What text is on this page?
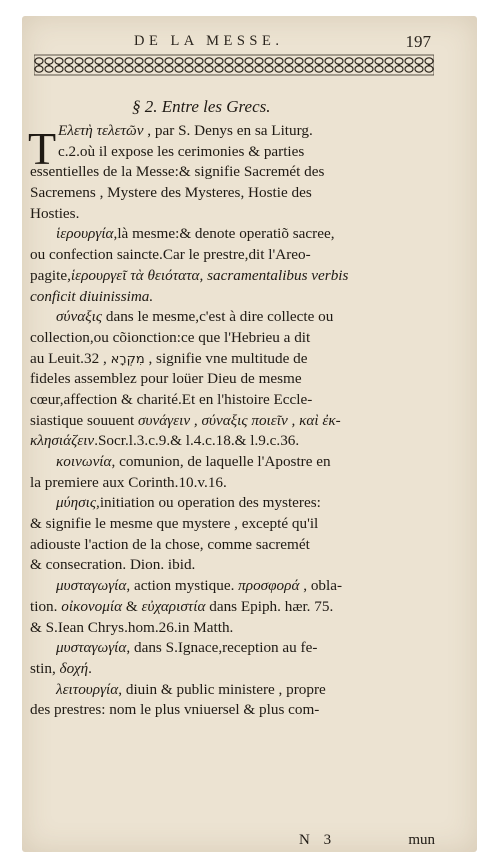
DE LA MESSE.	197
§ 2. Entre les Grecs.
T Ελετὴ τελετῶν , par S. Denys en sa Liturg.
c.2.où il expose les cerimonies & parties
essentielles de la Messe:& signifie Sacremét des
Sacremens , Mystere des Mysteres, Hostie des
Hosties.
ἱερουργία,là mesme:& denote operatiõ sacree,
ou confection saincte.Car le prestre,dit l'Areo-
pagite,ἱερουργεῖ τὰ θειότατα, sacramentalibus verbis
conficit diuinissima.
σύναξις dans le mesme,c'est à dire collecte ou
collection,ou cõionction:ce que l'Hebrieu a dit
au Leuit.32 , מִקְרָא , signifie vne multitude de
fideles assemblez pour loüer Dieu de mesme
cœur,affection & charité.Et en l'histoire Eccle-
siastique souuent συνάγειν , σύναξις ποιεῖν , καὶ ἐκ-
κλησιάζειν.Socr.l.3.c.9.& l.4.c.18.& l.9.c.36.
κοινωνία, comunion, de laquelle l'Apostre en
la premiere aux Corinth.10.v.16.
μύησις,initiation ou operation des mysteres:
& signifie le mesme que mystere , excepté qu'il
adiouste l'action de la chose, comme sacremét
& consecration. Dion. ibid.
μυσταγωγία, action mystique. προσφορά , obla-
tion. οἰκονομία & εὐχαριστία dans Epiph. hær. 75.
& S.Iean Chrys.hom.26.in Matth.
μυσταγωγία, dans S.Ignace,reception au fe-
stin, δοχή.
λειτουργία, diuin & public ministere , propre
des prestres: nom le plus vniuersel & plus com-
N 3	mun
